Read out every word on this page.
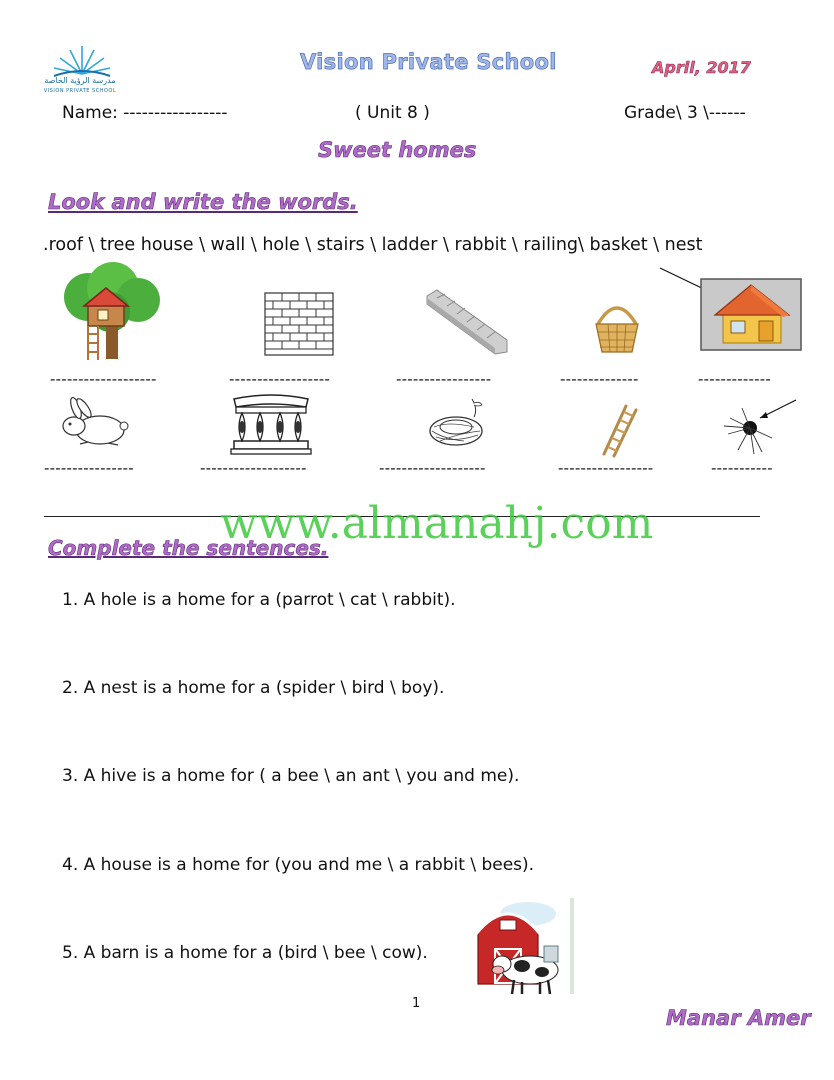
مدرسة الرؤية الخاصة
VISION PRIVATE SCHOOL
Vision Private School	April, 2017
Name: -----------------	( Unit 8 )	Grade\ 3 \------
Sweet homes
Look and write the words.
.roof \ tree house \ wall \ hole \ stairs \ ladder \ rabbit \ railing\ basket \ nest
-------------------	------------------	-----------------	--------------	-------------
----------------	-------------------	-------------------	-----------------	-----------
www.almanahj.com
Complete the sentences.
1. A hole is a home for a (parrot \ cat \ rabbit).
2. A nest is a home for a (spider \ bird \ boy).
3. A hive is a home for ( a bee \ an ant \ you and me).
4. A house is a home for (you and me \ a rabbit \ bees).
5. A barn is a home for a (bird \ bee \ cow).
1
Manar Amer
